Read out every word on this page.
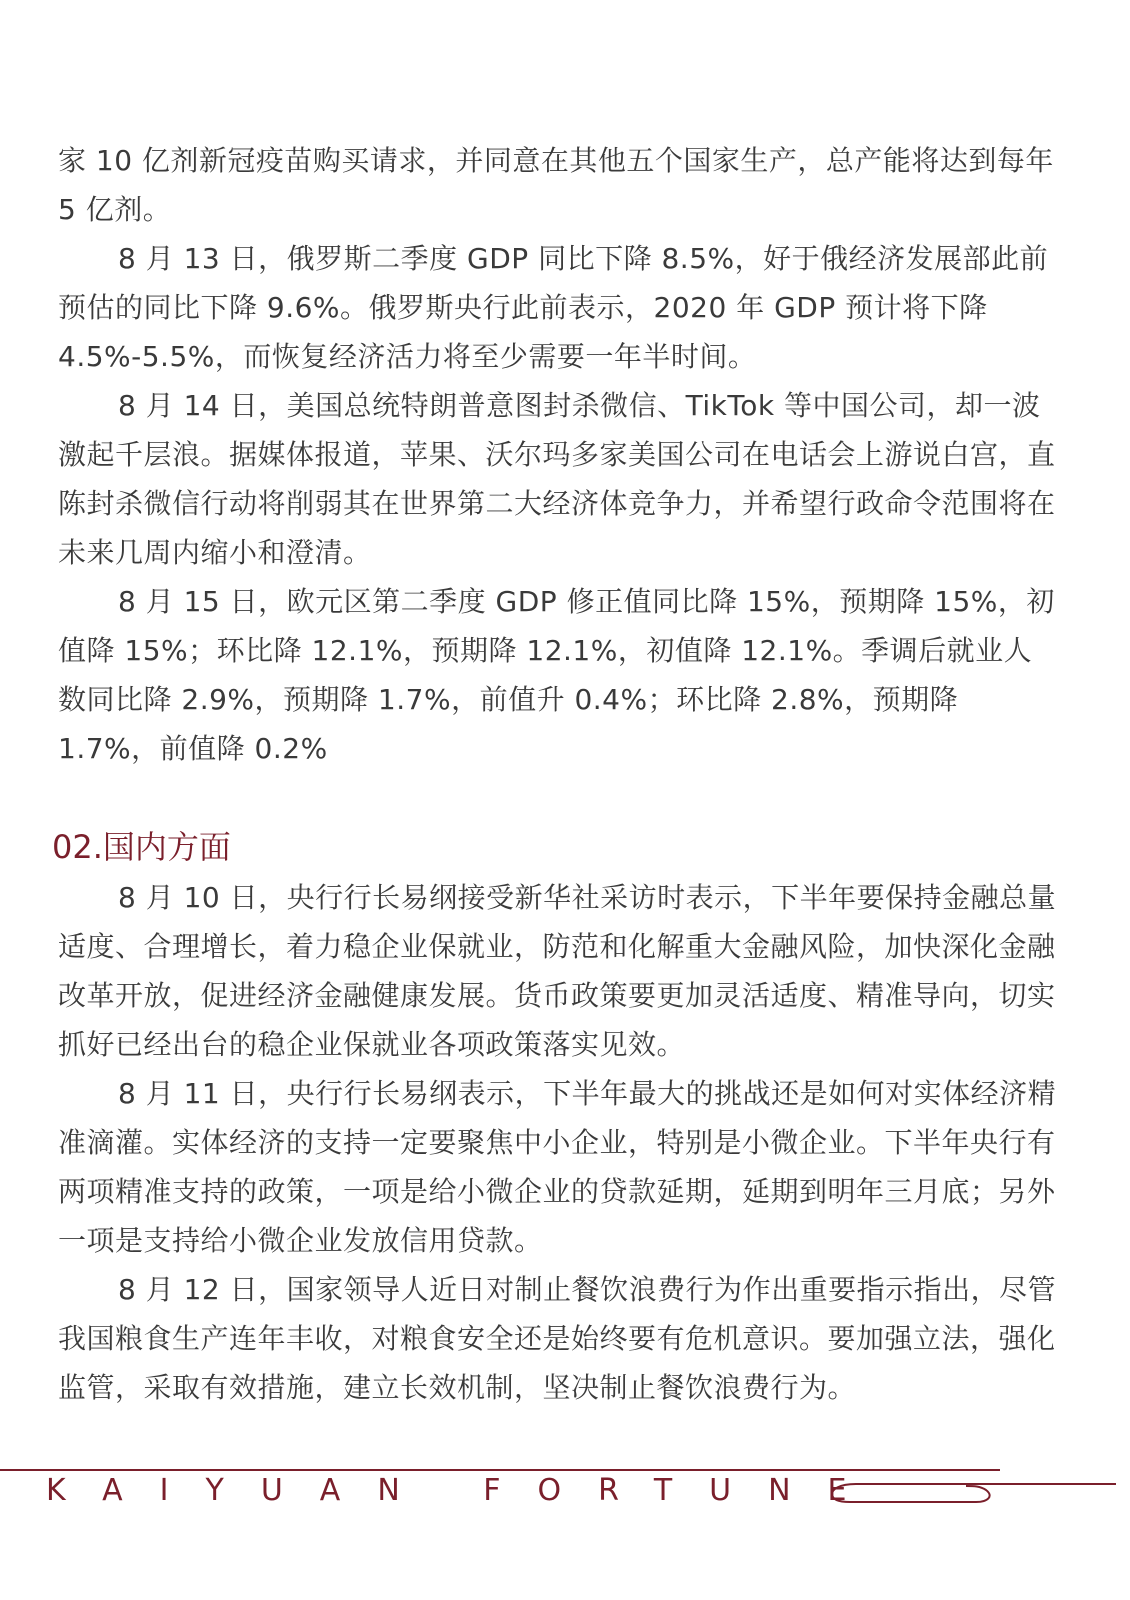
家 10 亿剂新冠疫苗购买请求，并同意在其他五个国家生产，总产能将达到每年 5 亿剂。

8 月 13 日，俄罗斯二季度 GDP 同比下降 8.5%，好于俄经济发展部此前预估的同比下降 9.6%。俄罗斯央行此前表示，2020 年 GDP 预计将下降 4.5%-5.5%，而恢复经济活力将至少需要一年半时间。

8 月 14 日，美国总统特朗普意图封杀微信、TikTok 等中国公司，却一波激起千层浪。据媒体报道，苹果、沃尔玛多家美国公司在电话会上游说白宫，直陈封杀微信行动将削弱其在世界第二大经济体竞争力，并希望行政命令范围将在未来几周内缩小和澄清。

8 月 15 日，欧元区第二季度 GDP 修正值同比降 15%，预期降 15%，初值降 15%；环比降 12.1%，预期降 12.1%，初值降 12.1%。季调后就业人数同比降 2.9%，预期降 1.7%，前值升 0.4%；环比降 2.8%，预期降 1.7%，前值降 0.2%

02.国内方面

8 月 10 日，央行行长易纲接受新华社采访时表示，下半年要保持金融总量适度、合理增长，着力稳企业保就业，防范和化解重大金融风险，加快深化金融改革开放，促进经济金融健康发展。货币政策要更加灵活适度、精准导向，切实抓好已经出台的稳企业保就业各项政策落实见效。

8 月 11 日，央行行长易纲表示，下半年最大的挑战还是如何对实体经济精准滴灌。实体经济的支持一定要聚焦中小企业，特别是小微企业。下半年央行有两项精准支持的政策，一项是给小微企业的贷款延期，延期到明年三月底；另外一项是支持给小微企业发放信用贷款。

8 月 12 日，国家领导人近日对制止餐饮浪费行为作出重要指示指出，尽管我国粮食生产连年丰收，对粮食安全还是始终要有危机意识。要加强立法，强化监管，采取有效措施，建立长效机制，坚决制止餐饮浪费行为。

KAIYUAN FORTUNE
